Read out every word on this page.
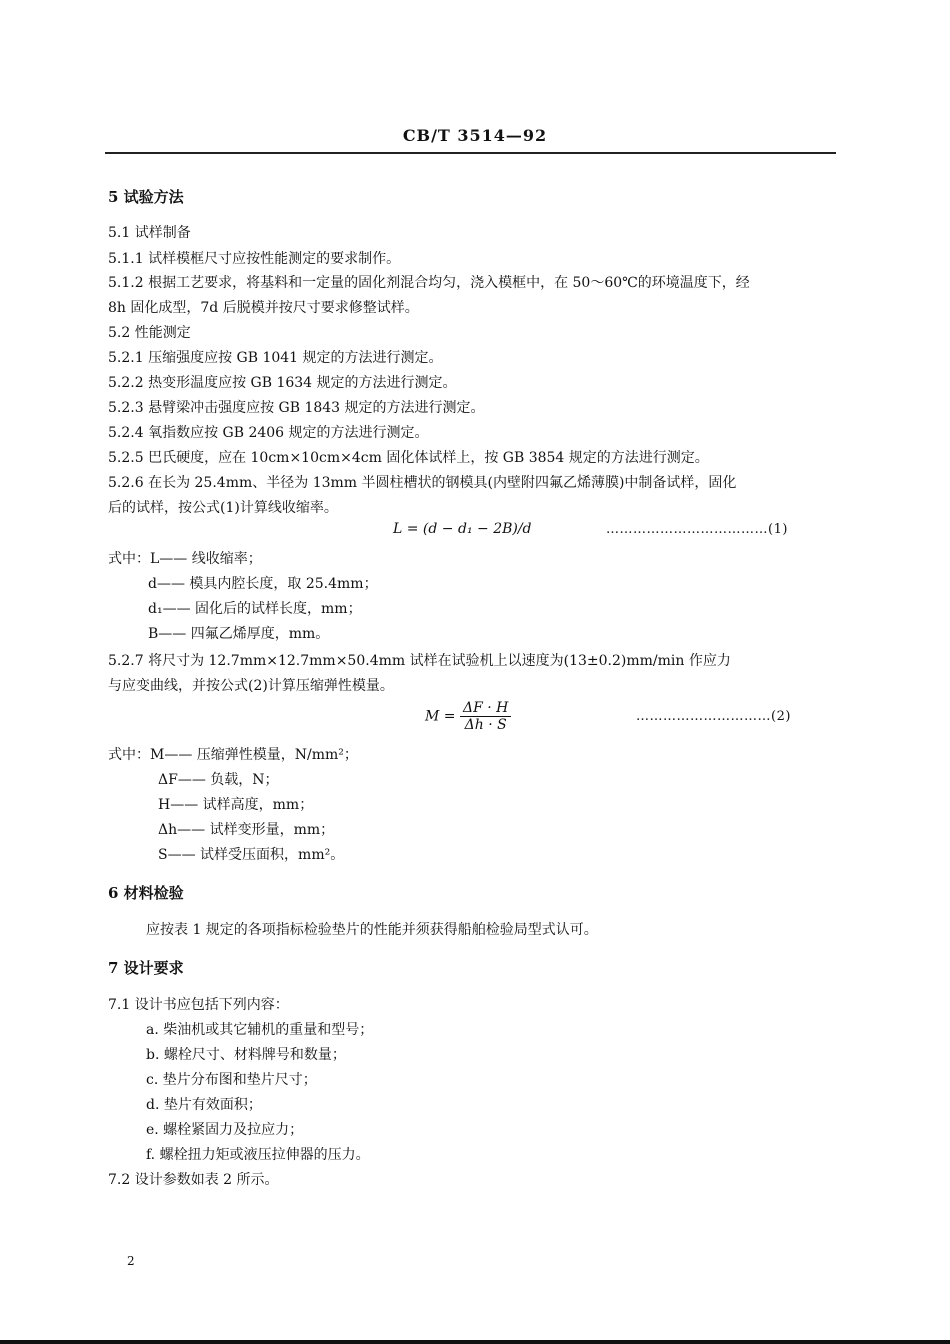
CB/T 3514—92
5 试验方法
5.1 试样制备
5.1.1 试样模框尺寸应按性能测定的要求制作。
5.1.2 根据工艺要求，将基料和一定量的固化剂混合均匀，浇入模框中，在 50～60℃的环境温度下，经
8h 固化成型，7d 后脱模并按尺寸要求修整试样。
5.2 性能测定
5.2.1 压缩强度应按 GB 1041 规定的方法进行测定。
5.2.2 热变形温度应按 GB 1634 规定的方法进行测定。
5.2.3 悬臂梁冲击强度应按 GB 1843 规定的方法进行测定。
5.2.4 氧指数应按 GB 2406 规定的方法进行测定。
5.2.5 巴氏硬度，应在 10cm×10cm×4cm 固化体试样上，按 GB 3854 规定的方法进行测定。
5.2.6 在长为 25.4mm、半径为 13mm 半圆柱槽状的钢模具(内壁附四氟乙烯薄膜)中制备试样，固化
后的试样，按公式(1)计算线收缩率。
L = (d − d₁ − 2B)/d	………………………………(1)
式中：L—— 线收缩率；
d—— 模具内腔长度，取 25.4mm；
d₁—— 固化后的试样长度，mm；
B—— 四氟乙烯厚度，mm。
5.2.7 将尺寸为 12.7mm×12.7mm×50.4mm 试样在试验机上以速度为(13±0.2)mm/min 作应力
与应变曲线，并按公式(2)计算压缩弹性模量。
$M = \frac{\Delta F \cdot H}{\Delta h \cdot S}$	…………………………(2)
式中：M—— 压缩弹性模量，N/mm²；
ΔF—— 负载，N；
H—— 试样高度，mm；
Δh—— 试样变形量，mm；
S—— 试样受压面积，mm²。
6 材料检验
应按表 1 规定的各项指标检验垫片的性能并须获得船舶检验局型式认可。
7 设计要求
7.1 设计书应包括下列内容：
a. 柴油机或其它辅机的重量和型号；
b. 螺栓尺寸、材料牌号和数量；
c. 垫片分布图和垫片尺寸；
d. 垫片有效面积；
e. 螺栓紧固力及拉应力；
f. 螺栓扭力矩或液压拉伸器的压力。
7.2 设计参数如表 2 所示。
2
